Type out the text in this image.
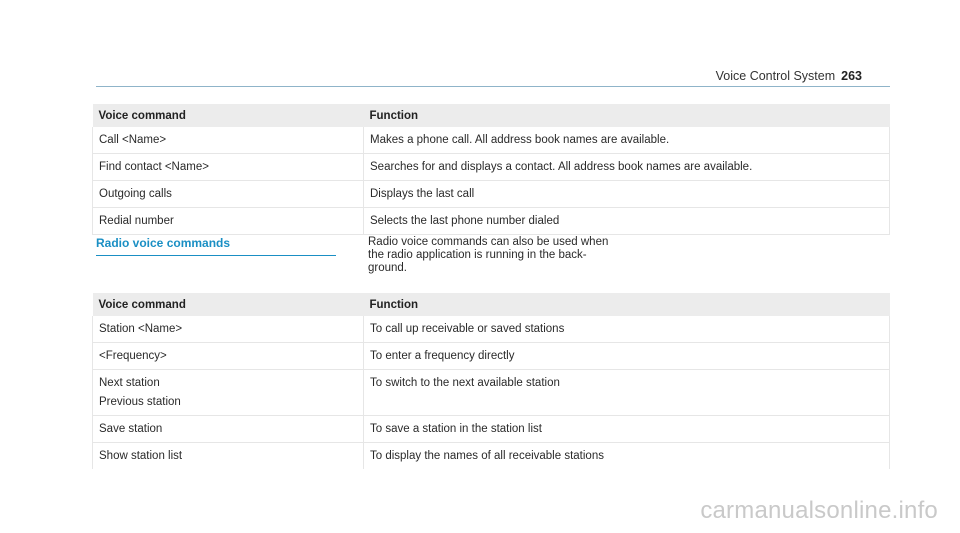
Voice Control System 263
Voice command	Function

Call <Name>	Makes a phone call. All address book names are available.

Find contact <Name>	Searches for and displays a contact. All address book names are available.

Outgoing calls	Displays the last call

Redial number	Selects the last phone number dialed
Radio voice commands	Radio voice commands can also be used when
the radio application is running in the back-
ground.
Voice command	Function

Station <Name>	To call up receivable or saved stations

<Frequency>	To enter a frequency directly

Next station
Previous station	To switch to the next available station

Save station	To save a station in the station list

Show station list	To display the names of all receivable stations
carmanualsonline.info
